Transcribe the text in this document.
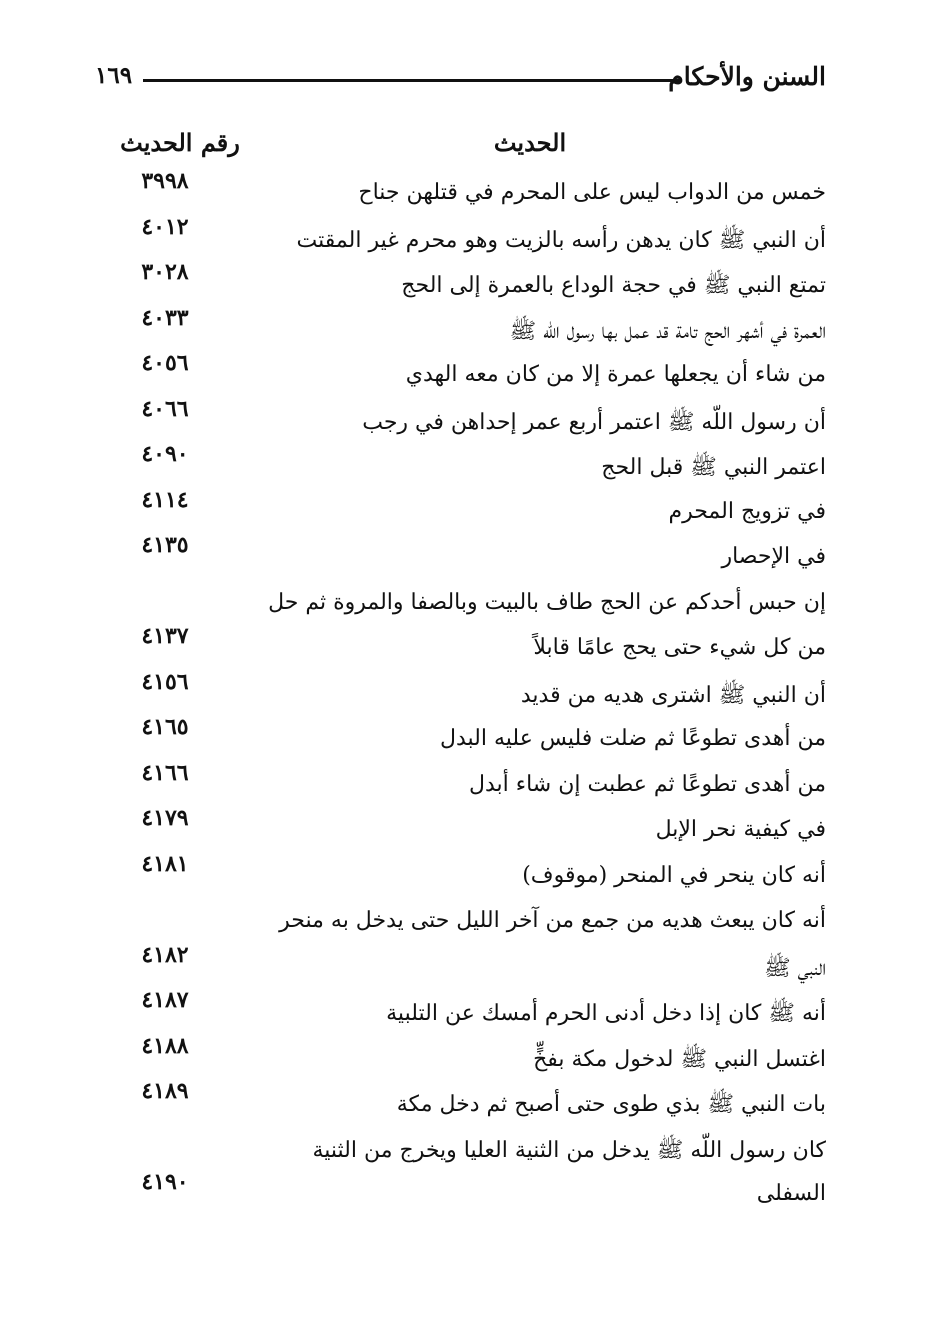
السنن والأحكام
١٦٩
الحديث
رقم الحديث
خمس من الدواب ليس على المحرم في قتلهن جناح
٣٩٩٨
أن النبي ﷺ كان يدهن رأسه بالزيت وهو محرم غير المقتت
٤٠١٢
تمتع النبي ﷺ في حجة الوداع بالعمرة إلى الحج
٣٠٢٨
العمرة في أشهر الحج تامة قد عمل بها رسول اللّه ﷺ
٤٠٣٣
من شاء أن يجعلها عمرة إلا من كان معه الهدي
٤٠٥٦
أن رسول اللّه ﷺ اعتمر أربع عمر إحداهن في رجب
٤٠٦٦
اعتمر النبي ﷺ قبل الحج
٤٠٩٠
في تزويج المحرم
٤١١٤
في الإحصار
٤١٣٥
إن حبس أحدكم عن الحج طاف بالبيت وبالصفا والمروة ثم حل
من كل شيء حتى يحج عامًا قابلاً
٤١٣٧
أن النبي ﷺ اشترى هديه من قديد
٤١٥٦
من أهدى تطوعًا ثم ضلت فليس عليه البدل
٤١٦٥
من أهدى تطوعًا ثم عطبت إن شاء أبدل
٤١٦٦
في كيفية نحر الإبل
٤١٧٩
أنه كان ينحر في المنحر (موقوف)
٤١٨١
أنه كان يبعث هديه من جمع من آخر الليل حتى يدخل به منحر
النبي ﷺ
٤١٨٢
أنه ﷺ كان إذا دخل أدنى الحرم أمسك عن التلبية
٤١٨٧
اغتسل النبي ﷺ لدخول مكة بفخٍّ
٤١٨٨
بات النبي ﷺ بذي طوى حتى أصبح ثم دخل مكة
٤١٨٩
كان رسول اللّه ﷺ يدخل من الثنية العليا ويخرج من الثنية
السفلى
٤١٩٠
